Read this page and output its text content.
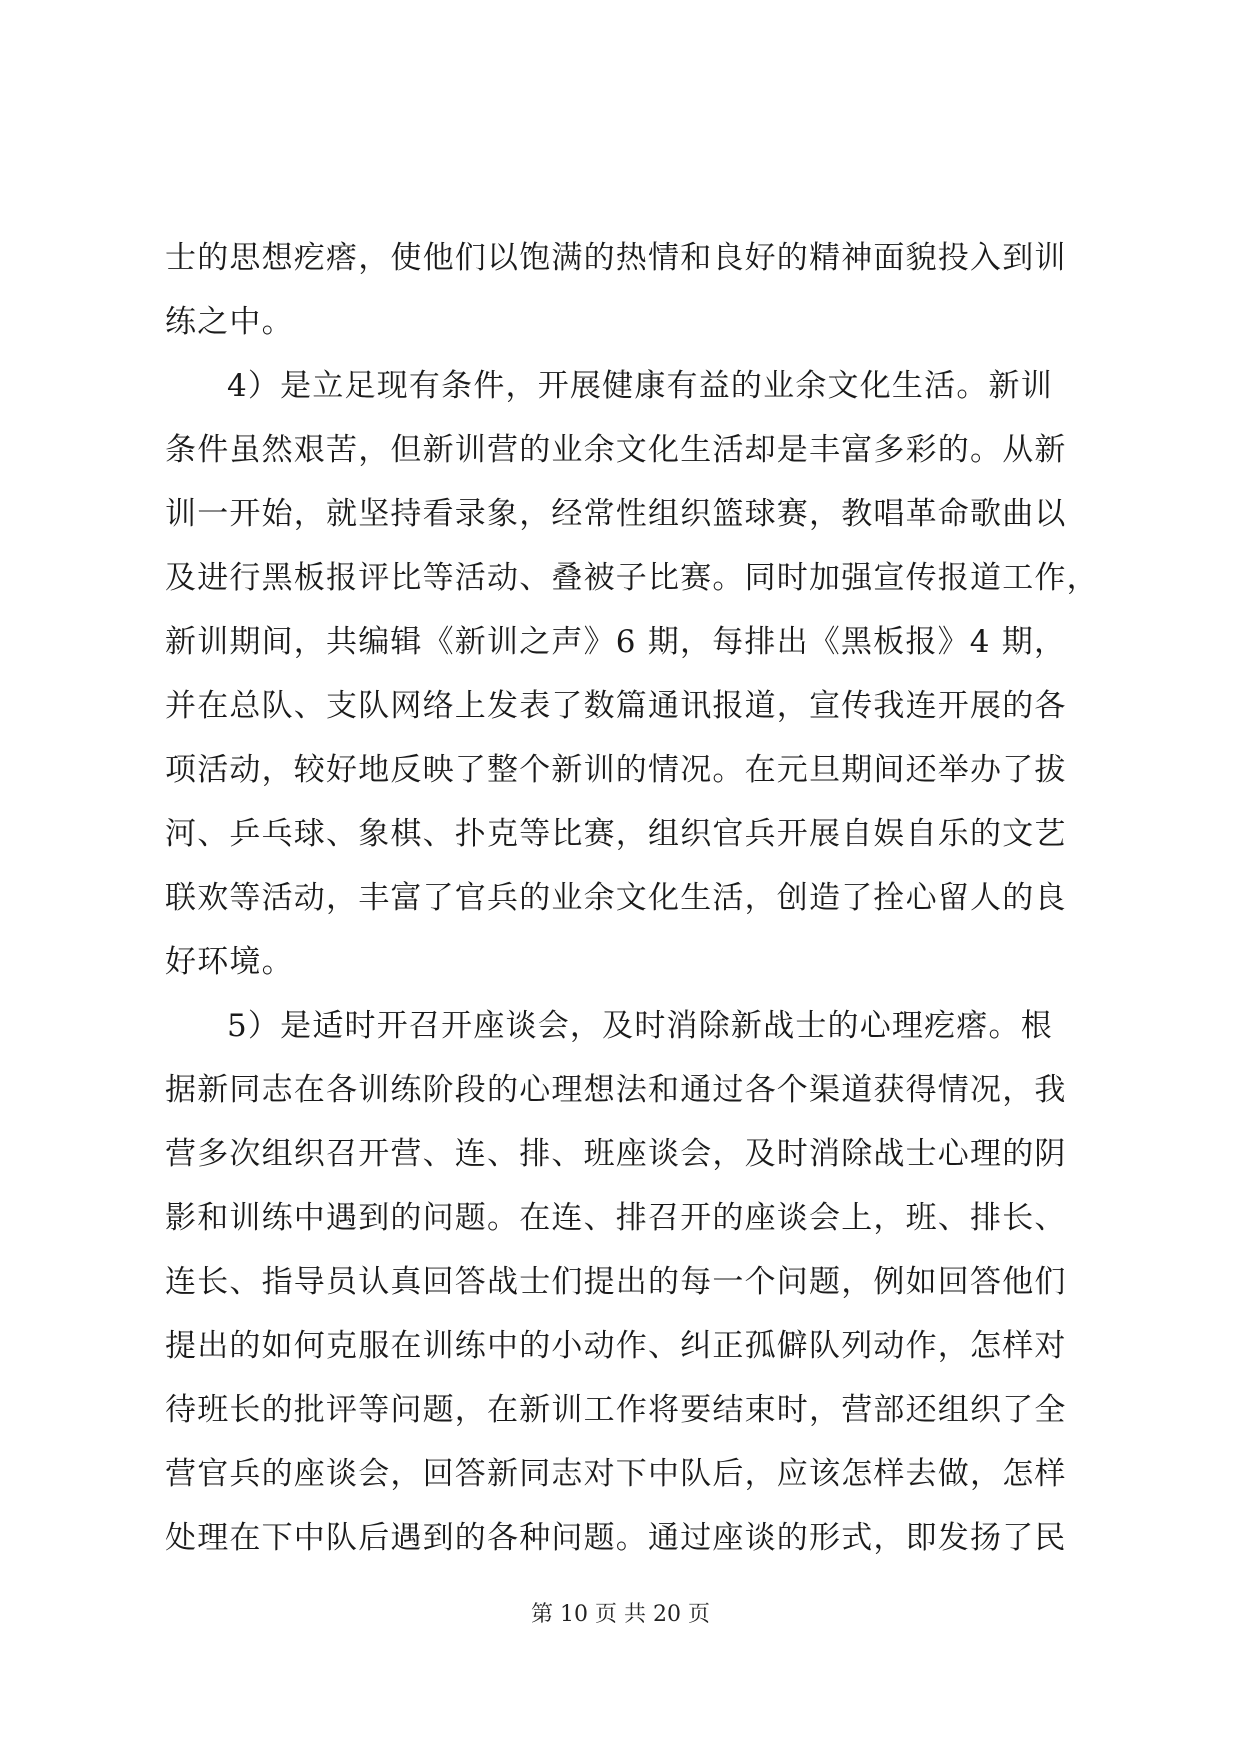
士的思想疙瘩，使他们以饱满的热情和良好的精神面貌投入到训
练之中。
4）是立足现有条件，开展健康有益的业余文化生活。新训
条件虽然艰苦，但新训营的业余文化生活却是丰富多彩的。从新
训一开始，就坚持看录象，经常性组织篮球赛，教唱革命歌曲以
及进行黑板报评比等活动、叠被子比赛。同时加强宣传报道工作，
新训期间，共编辑《新训之声》6 期，每排出《黑板报》4 期，
并在总队、支队网络上发表了数篇通讯报道，宣传我连开展的各
项活动，较好地反映了整个新训的情况。在元旦期间还举办了拔
河、乒乓球、象棋、扑克等比赛，组织官兵开展自娱自乐的文艺
联欢等活动，丰富了官兵的业余文化生活，创造了拴心留人的良
好环境。
5）是适时开召开座谈会，及时消除新战士的心理疙瘩。根
据新同志在各训练阶段的心理想法和通过各个渠道获得情况，我
营多次组织召开营、连、排、班座谈会，及时消除战士心理的阴
影和训练中遇到的问题。在连、排召开的座谈会上，班、排长、
连长、指导员认真回答战士们提出的每一个问题，例如回答他们
提出的如何克服在训练中的小动作、纠正孤僻队列动作，怎样对
待班长的批评等问题，在新训工作将要结束时，营部还组织了全
营官兵的座谈会，回答新同志对下中队后，应该怎样去做，怎样
处理在下中队后遇到的各种问题。通过座谈的形式，即发扬了民
第 10 页 共 20 页
